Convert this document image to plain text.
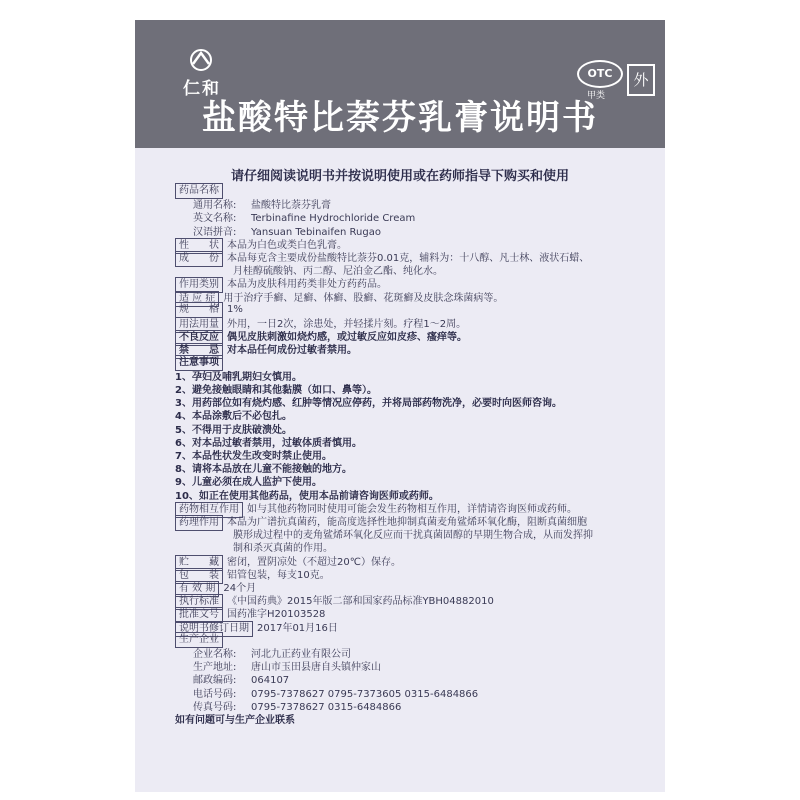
仁和
盐酸特比萘芬乳膏说明书
OTC
甲类
外
请仔细阅读说明书并按说明使用或在药师指导下购买和使用
药品名称
通用名称: 盐酸特比萘芬乳膏
英文名称: Terbinafine Hydrochloride Cream
汉语拼音: Yansuan Tebinaifen Rugao
性　　状 本品为白色或类白色乳膏。
成　　份 本品每克含主要成份盐酸特比萘芬0.01克，辅料为：十八醇、凡士林、液状石蜡、
月桂醇硫酸钠、丙二醇、尼泊金乙酯、纯化水。
作用类别 本品为皮肤科用药类非处方药药品。
适 应 症 用于治疗手癣、足癣、体癣、股癣、花斑癣及皮肤念珠菌病等。
规　　格 1%
用法用量 外用，一日2次，涂患处，并轻揉片刻。疗程1～2周。
不良反应 偶见皮肤刺激如烧灼感，或过敏反应如皮疹、瘙痒等。
禁　　忌 对本品任何成份过敏者禁用。
注意事项
1、孕妇及哺乳期妇女慎用。
2、避免接触眼睛和其他黏膜（如口、鼻等）。
3、用药部位如有烧灼感、红肿等情况应停药，并将局部药物洗净，必要时向医师咨询。
4、本品涂敷后不必包扎。
5、不得用于皮肤破溃处。
6、对本品过敏者禁用，过敏体质者慎用。
7、本品性状发生改变时禁止使用。
8、请将本品放在儿童不能接触的地方。
9、儿童必须在成人监护下使用。
10、如正在使用其他药品，使用本品前请咨询医师或药师。
药物相互作用 如与其他药物同时使用可能会发生药物相互作用，详情请咨询医师或药师。
药理作用 本品为广谱抗真菌药，能高度选择性地抑制真菌麦角鲨烯环氧化酶，阻断真菌细胞
膜形成过程中的麦角鲨烯环氧化反应而干扰真菌固醇的早期生物合成，从而发挥抑
制和杀灭真菌的作用。
贮　　藏 密闭，置阴凉处（不超过20℃）保存。
包　　装 铝管包装，每支10克。
有 效 期 24个月
执行标准 《中国药典》2015年版二部和国家药品标准YBH04882010
批准文号 国药准字H20103528
说明书修订日期 2017年01月16日
生产企业
企业名称: 河北九正药业有限公司
生产地址: 唐山市玉田县唐自头镇仲家山
邮政编码: 064107
电话号码: 0795-7378627 0795-7373605 0315-6484866
传真号码: 0795-7378627 0315-6484866
如有问题可与生产企业联系
